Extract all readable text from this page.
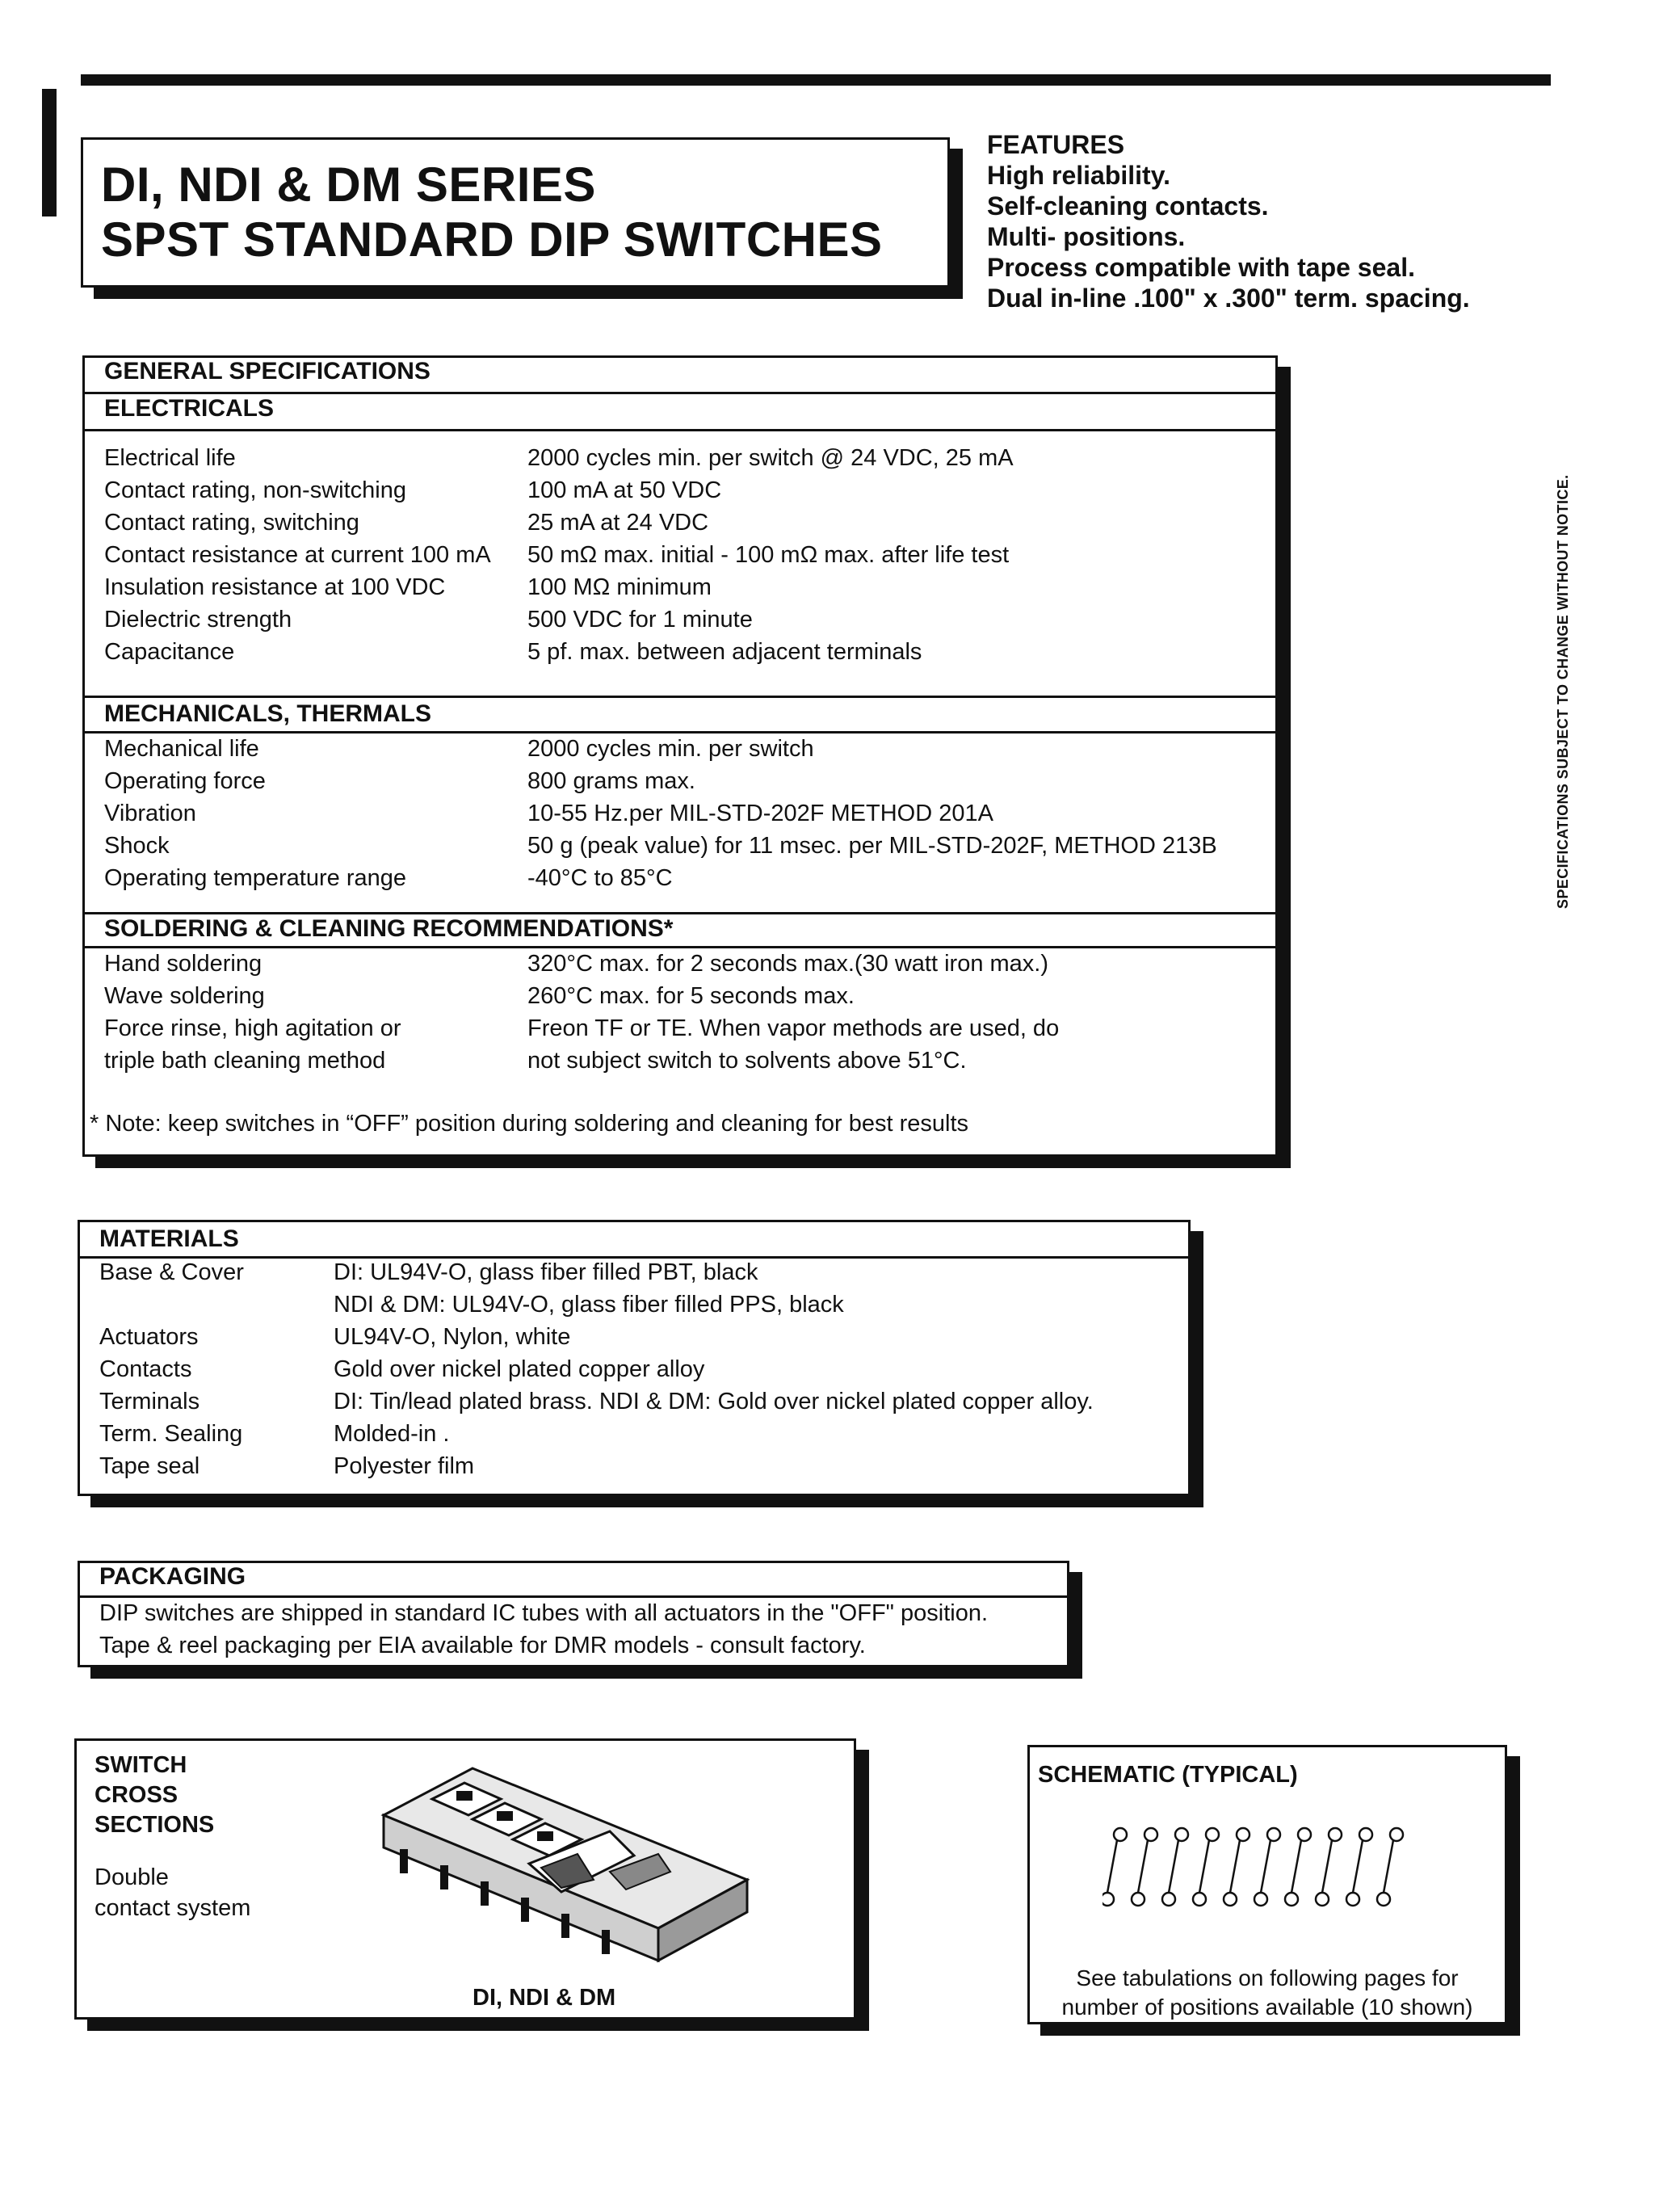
DI, NDI & DM SERIES
SPST STANDARD DIP SWITCHES
FEATURES
High reliability.
Self-cleaning contacts.
Multi- positions.
Process compatible with tape seal.
Dual in-line .100" x .300" term. spacing.
SPECIFICATIONS SUBJECT TO CHANGE WITHOUT NOTICE.
GENERAL SPECIFICATIONS
ELECTRICALS
Electrical life	2000 cycles min. per switch @ 24 VDC, 25 mA
Contact rating, non-switching	100 mA at 50 VDC
Contact rating, switching	25 mA at 24 VDC
Contact resistance at current 100 mA	50 mΩ max. initial - 100 mΩ max. after life test
Insulation resistance at 100 VDC	100 MΩ minimum
Dielectric strength	500 VDC for 1 minute
Capacitance	5 pf. max. between adjacent terminals
MECHANICALS, THERMALS
Mechanical life	2000 cycles min. per switch
Operating force	800 grams max.
Vibration	10-55 Hz.per MIL-STD-202F METHOD 201A
Shock	50 g (peak value) for 11 msec. per MIL-STD-202F, METHOD 213B
Operating temperature range	-40°C to 85°C
SOLDERING & CLEANING RECOMMENDATIONS*
Hand soldering	320°C max. for 2 seconds max.(30 watt iron max.)
Wave soldering	260°C max. for 5 seconds max.
Force rinse, high agitation or	Freon TF or TE. When vapor methods are used, do
triple bath cleaning method	not subject switch to solvents above 51°C.
* Note: keep switches in “OFF” position during soldering and cleaning for best results
MATERIALS
Base & Cover	DI: UL94V-O, glass fiber filled PBT, black
NDI & DM: UL94V-O, glass fiber filled PPS, black
Actuators	UL94V-O, Nylon, white
Contacts	Gold over nickel plated copper alloy
Terminals	DI: Tin/lead plated brass. NDI & DM: Gold over nickel plated copper alloy.
Term. Sealing	Molded-in .
Tape seal	Polyester film
PACKAGING
DIP switches are shipped in standard IC tubes with all actuators in the "OFF" position.
Tape & reel packaging per EIA available for DMR models - consult factory.
SWITCH
CROSS
SECTIONS
Double
contact system
DI, NDI & DM
SCHEMATIC (TYPICAL)
See tabulations on following pages for
number of positions available (10 shown)
